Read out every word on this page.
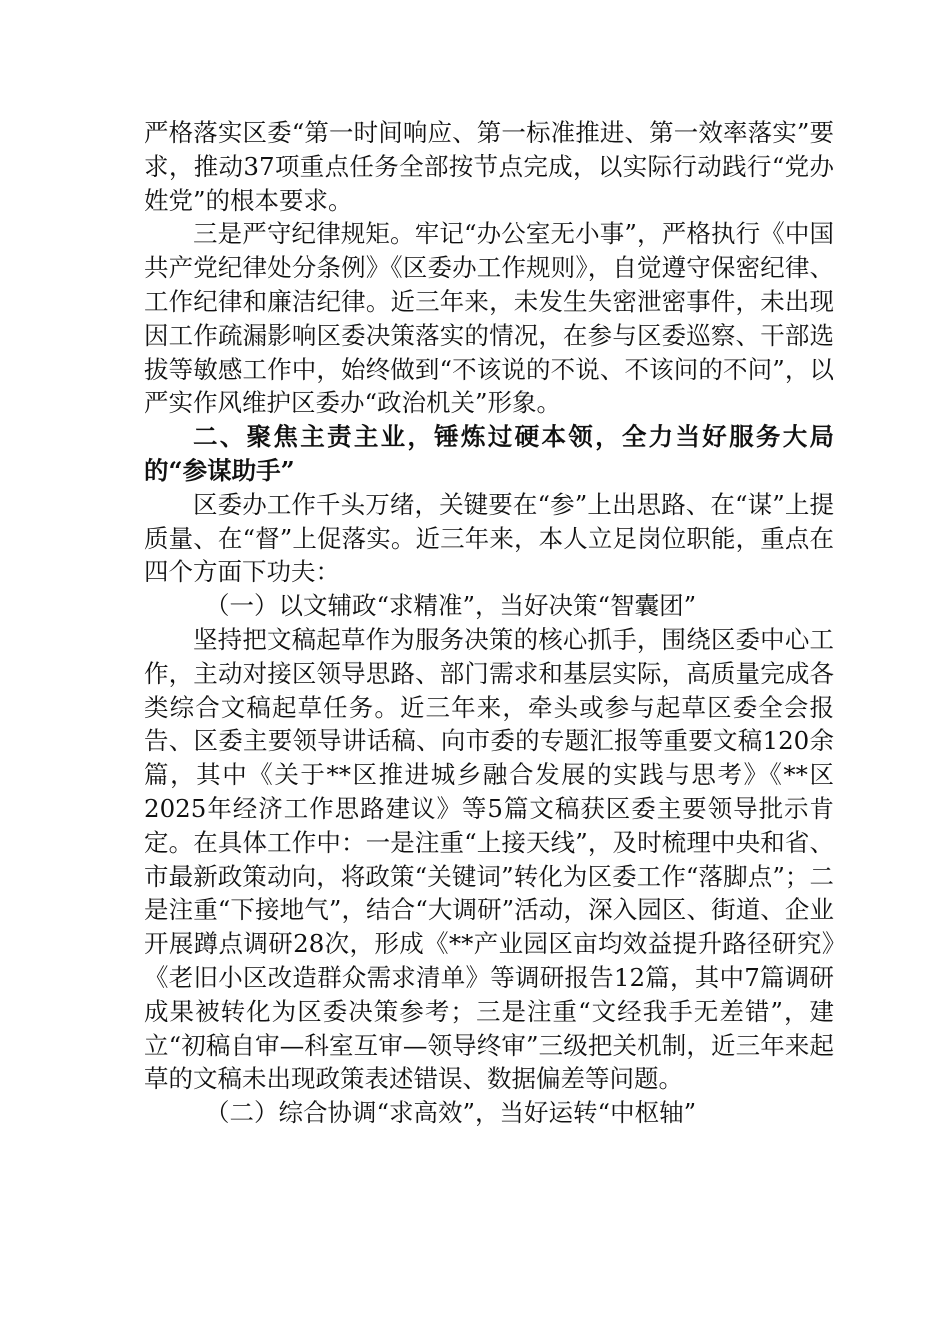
严格落实区委“第一时间响应、第一标准推进、第一效率落实”要求，推动37项重点任务全部按节点完成，以实际行动践行“党办姓党”的根本要求。

三是严守纪律规矩。牢记“办公室无小事”，严格执行《中国共产党纪律处分条例》《区委办工作规则》，自觉遵守保密纪律、工作纪律和廉洁纪律。近三年来，未发生失密泄密事件，未出现因工作疏漏影响区委决策落实的情况，在参与区委巡察、干部选拔等敏感工作中，始终做到“不该说的不说、不该问的不问”，以严实作风维护区委办“政治机关”形象。

二、聚焦主责主业，锤炼过硬本领，全力当好服务大局的“参谋助手”

区委办工作千头万绪，关键要在“参”上出思路、在“谋”上提质量、在“督”上促落实。近三年来，本人立足岗位职能，重点在四个方面下功夫：

（一）以文辅政“求精准”，当好决策“智囊团”

坚持把文稿起草作为服务决策的核心抓手，围绕区委中心工作，主动对接区领导思路、部门需求和基层实际，高质量完成各类综合文稿起草任务。近三年来，牵头或参与起草区委全会报告、区委主要领导讲话稿、向市委的专题汇报等重要文稿120余篇，其中《关于**区推进城乡融合发展的实践与思考》《**区2025年经济工作思路建议》等5篇文稿获区委主要领导批示肯定。在具体工作中：一是注重“上接天线”，及时梳理中央和省、市最新政策动向，将政策“关键词”转化为区委工作“落脚点”；二是注重“下接地气”，结合“大调研”活动，深入园区、街道、企业开展蹲点调研28次，形成《**产业园区亩均效益提升路径研究》《老旧小区改造群众需求清单》等调研报告12篇，其中7篇调研成果被转化为区委决策参考；三是注重“文经我手无差错”，建立“初稿自审—科室互审—领导终审”三级把关机制，近三年来起草的文稿未出现政策表述错误、数据偏差等问题。

（二）综合协调“求高效”，当好运转“中枢轴”
